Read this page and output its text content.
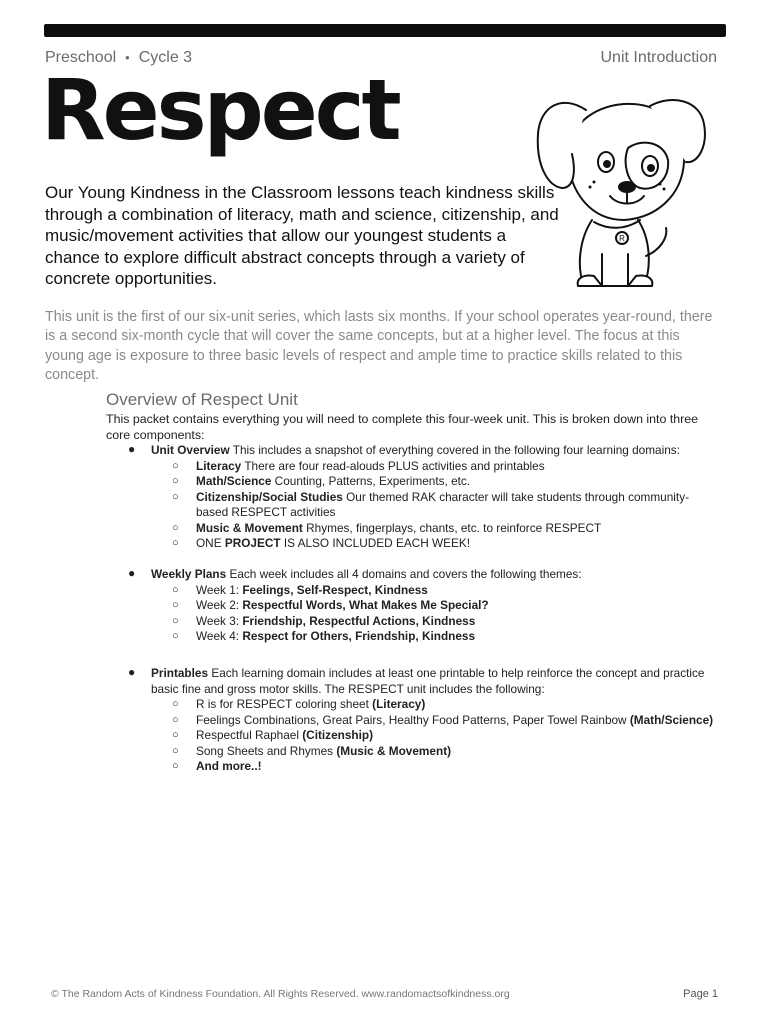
Preschool • Cycle 3	Unit Introduction
Respect
R
Our Young Kindness in the Classroom lessons teach kindness skills through a combination of literacy, math and science, citizenship, and music/movement activities that allow our youngest students a chance to explore difficult abstract concepts through a variety of concrete opportunities.
This unit is the first of our six-unit series, which lasts six months. If your school operates year-round, there is a second six-month cycle that will cover the same concepts, but at a higher level. The focus at this young age is exposure to three basic levels of respect and ample time to practice skills related to this concept.
Overview of Respect Unit
This packet contains everything you will need to complete this four-week unit. This is broken down into three core components:
● Unit Overview This includes a snapshot of everything covered in the following four learning domains:
○ Literacy There are four read-alouds PLUS activities and printables
○ Math/Science Counting, Patterns, Experiments, etc.
○ Citizenship/Social Studies Our themed RAK character will take students through community-based RESPECT activities
○ Music & Movement Rhymes, fingerplays, chants, etc. to reinforce RESPECT
○ ONE PROJECT IS ALSO INCLUDED EACH WEEK!
● Weekly Plans Each week includes all 4 domains and covers the following themes:
○ Week 1: Feelings, Self-Respect, Kindness
○ Week 2: Respectful Words, What Makes Me Special?
○ Week 3: Friendship, Respectful Actions, Kindness
○ Week 4: Respect for Others, Friendship, Kindness
● Printables Each learning domain includes at least one printable to help reinforce the concept and practice basic fine and gross motor skills. The RESPECT unit includes the following:
○ R is for RESPECT coloring sheet (Literacy)
○ Feelings Combinations, Great Pairs, Healthy Food Patterns, Paper Towel Rainbow (Math/Science)
○ Respectful Raphael (Citizenship)
○ Song Sheets and Rhymes (Music & Movement)
○ And more..!
© The Random Acts of Kindness Foundation. All Rights Reserved. www.randomactsofkindness.org	Page 1
